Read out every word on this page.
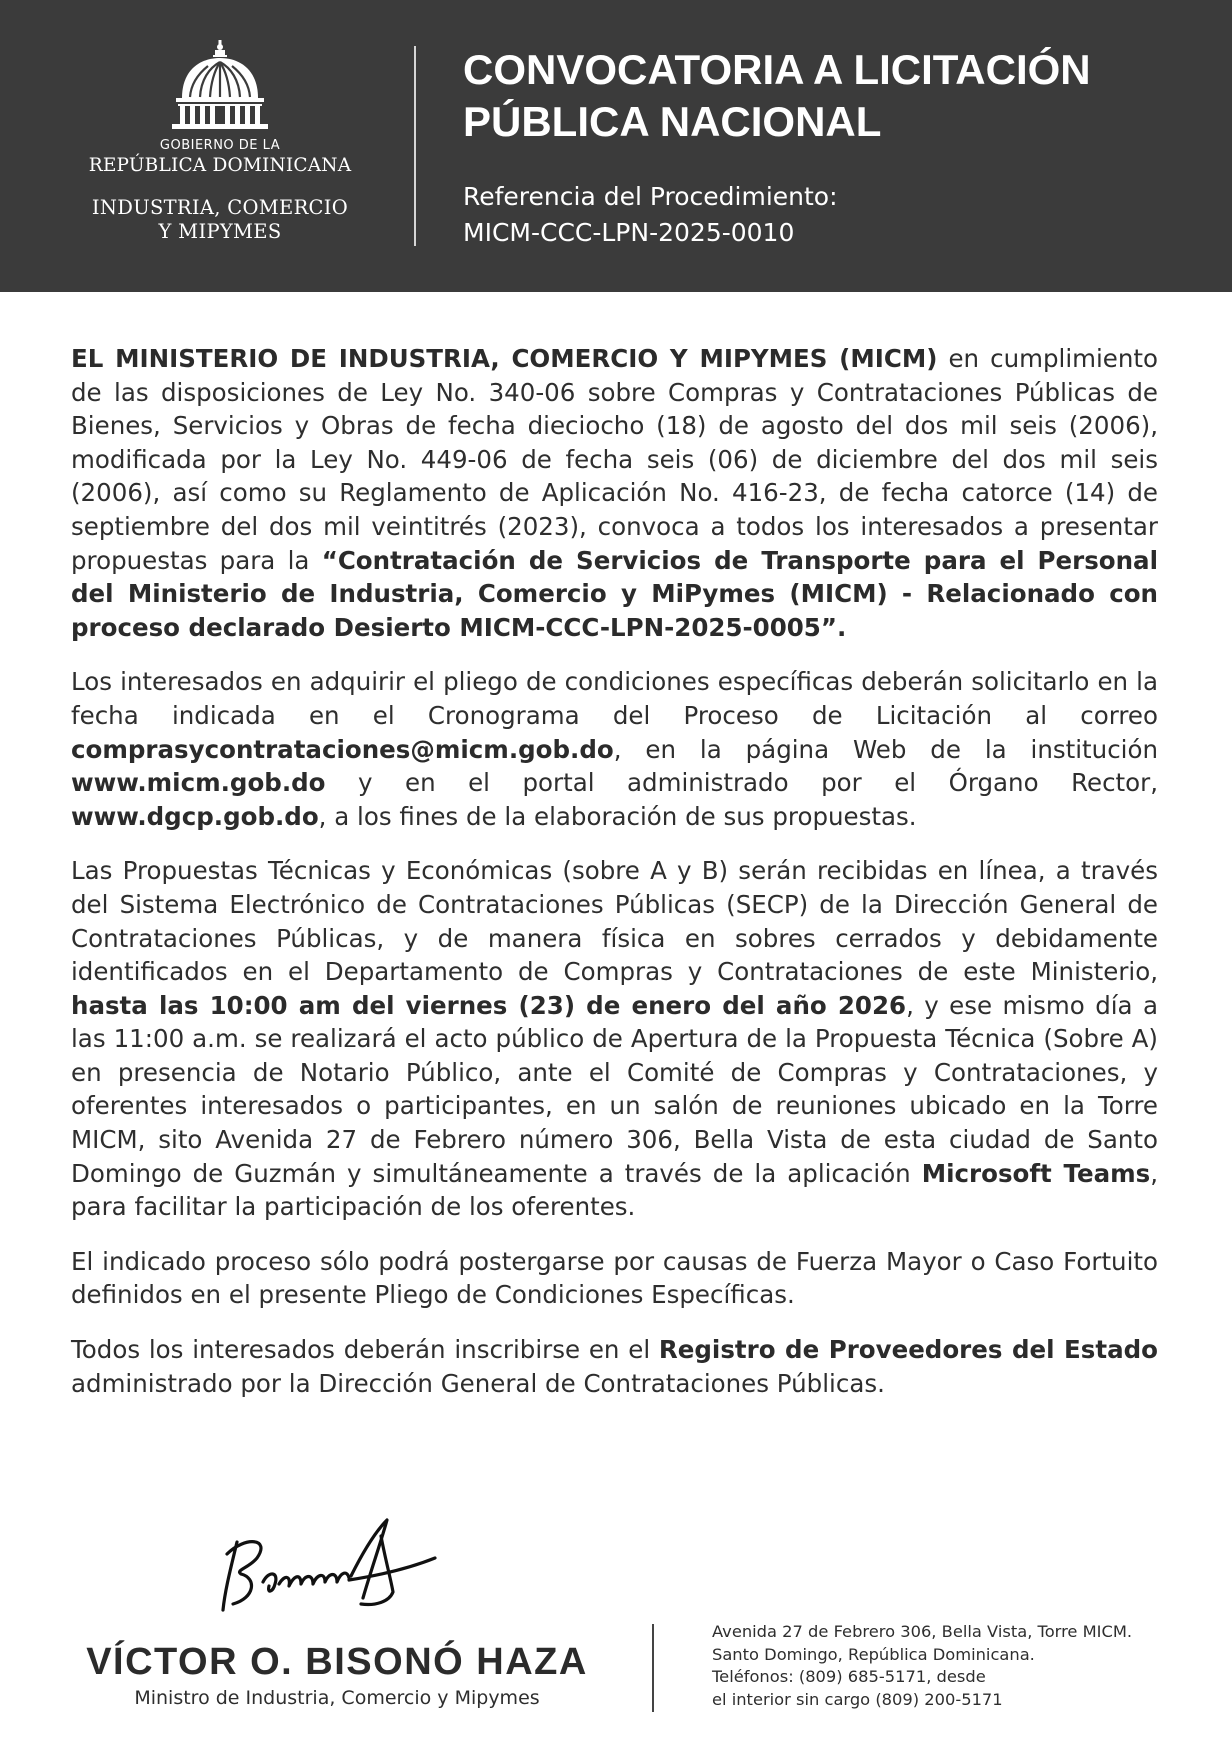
GOBIERNO DE LA
REPÚBLICA DOMINICANA
INDUSTRIA, COMERCIO
Y MIPYMES
CONVOCATORIA A LICITACIÓN
PÚBLICA NACIONAL
Referencia del Procedimiento:
MICM-CCC-LPN-2025-0010

EL MINISTERIO DE INDUSTRIA, COMERCIO Y MIPYMES (MICM) en cumplimiento de las disposiciones de Ley No. 340-06 sobre Compras y Contrataciones Públicas de Bienes, Servicios y Obras de fecha dieciocho (18) de agosto del dos mil seis (2006), modificada por la Ley No. 449-06 de fecha seis (06) de diciembre del dos mil seis (2006), así como su Reglamento de Aplicación No. 416-23, de fecha catorce (14) de septiembre del dos mil veintitrés (2023), convoca a todos los interesados a presentar propuestas para la “Contratación de Servicios de Transporte para el Personal del Ministerio de Industria, Comercio y MiPymes (MICM) - Relacionado con proceso declarado Desierto MICM-CCC-LPN-2025-0005”.

Los interesados en adquirir el pliego de condiciones específicas deberán solicitarlo en la fecha indicada en el Cronograma del Proceso de Licitación al correo comprasycontrataciones@micm.gob.do, en la página Web de la institución www.micm.gob.do y en el portal administrado por el Órgano Rector, www.dgcp.gob.do, a los fines de la elaboración de sus propuestas.

Las Propuestas Técnicas y Económicas (sobre A y B) serán recibidas en línea, a través del Sistema Electrónico de Contrataciones Públicas (SECP) de la Dirección General de Contrataciones Públicas, y de manera física en sobres cerrados y debidamente identificados en el Departamento de Compras y Contrataciones de este Ministerio, hasta las 10:00 am del viernes (23) de enero del año 2026, y ese mismo día a las 11:00 a.m. se realizará el acto público de Apertura de la Propuesta Técnica (Sobre A) en presencia de Notario Público, ante el Comité de Compras y Contrataciones, y oferentes interesados o participantes, en un salón de reuniones ubicado en la Torre MICM, sito Avenida 27 de Febrero número 306, Bella Vista de esta ciudad de Santo Domingo de Guzmán y simultáneamente a través de la aplicación Microsoft Teams, para facilitar la participación de los oferentes.

El indicado proceso sólo podrá postergarse por causas de Fuerza Mayor o Caso Fortuito definidos en el presente Pliego de Condiciones Específicas.

Todos los interesados deberán inscribirse en el Registro de Proveedores del Estado administrado por la Dirección General de Contrataciones Públicas.

VÍCTOR O. BISONÓ HAZA
Ministro de Industria, Comercio y Mipymes
Avenida 27 de Febrero 306, Bella Vista, Torre MICM.
Santo Domingo, República Dominicana.
Teléfonos: (809) 685-5171, desde
el interior sin cargo (809) 200-5171
